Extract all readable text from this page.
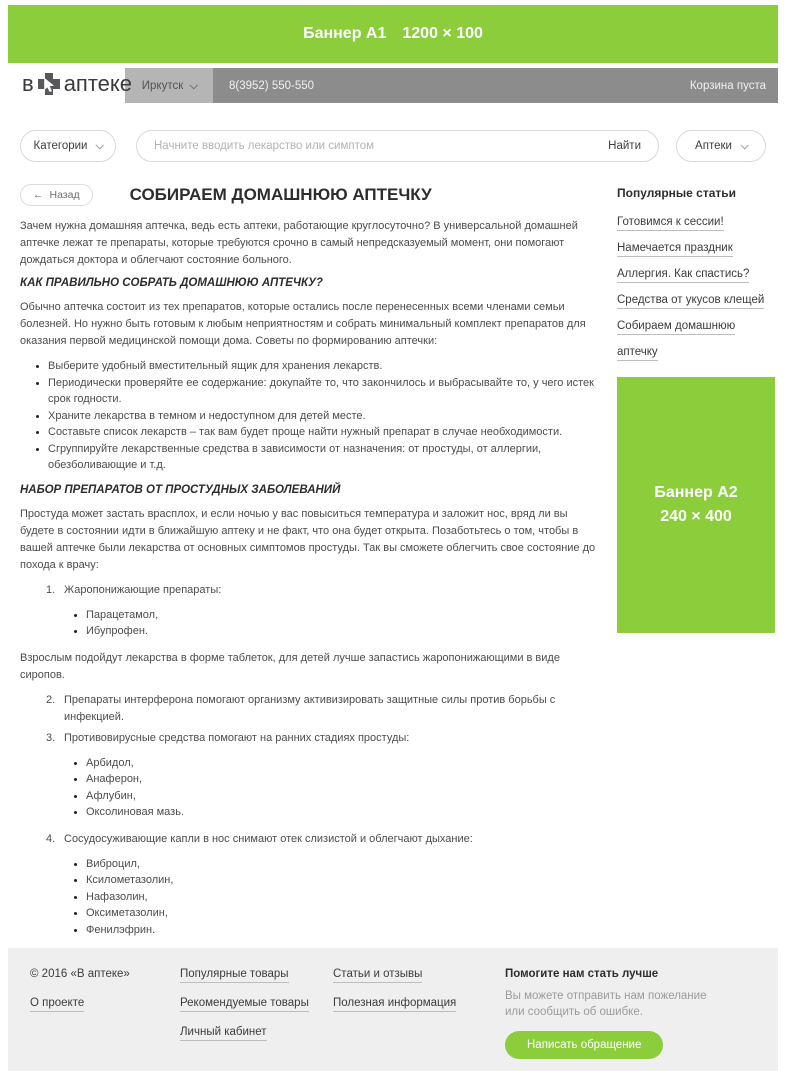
Баннер А1 1200 × 100
в аптеке Иркутск	8(3952) 550-550	Корзина пуста
Категории
Начните вводить лекарство или симптом	Найти	Аптеки
← Назад	СОБИРАЕМ ДОМАШНЮЮ АПТЕЧКУ

Зачем нужна домашняя аптечка, ведь есть аптеки, работающие круглосуточно? В универсальной домашней аптечке лежат те препараты, которые требуются срочно в самый непредсказуемый момент, они помогают дождаться доктора и облегчают состояние больного.

КАК ПРАВИЛЬНО СОБРАТЬ ДОМАШНЮЮ АПТЕЧКУ?

Обычно аптечка состоит из тех препаратов, которые остались после перенесенных всеми членами семьи болезней. Но нужно быть готовым к любым неприятностям и собрать минимальный комплект препаратов для оказания первой медицинской помощи дома. Советы по формированию аптечки:

• Выберите удобный вместительный ящик для хранения лекарств.
• Периодически проверяйте ее содержание: докупайте то, что закончилось и выбрасывайте то, у чего истек срок годности.
• Храните лекарства в темном и недоступном для детей месте.
• Составьте список лекарств – так вам будет проще найти нужный препарат в случае необходимости.
• Сгруппируйте лекарственные средства в зависимости от назначения: от простуды, от аллергии, обезболивающие и т.д.
НАБОР ПРЕПАРАТОВ ОТ ПРОСТУДНЫХ ЗАБОЛЕВАНИЙ

Простуда может застать врасплох, и если ночью у вас повыситься температура и заложит нос, вряд ли вы будете в состоянии идти в ближайшую аптеку и не факт, что она будет открыта. Позаботьтесь о том, чтобы в вашей аптечке были лекарства от основных симптомов простуды. Так вы сможете облегчить свое состояние до похода к врачу:

1. Жаропонижающие препараты:
• Парацетамол,
• Ибупрофен.

Взрослым подойдут лекарства в форме таблеток, для детей лучше запастись жаропонижающими в виде сиропов.

2. Препараты интерферона помогают организму активизировать защитные силы против борьбы с инфекцией.
3. Противовирусные средства помогают на ранних стадиях простуды:
• Арбидол,
• Анаферон,
• Афлубин,
• Оксолиновая мазь.
4. Сосудосуживающие капли в нос снимают отек слизистой и облегчают дыхание:
• Виброцил,
• Ксилометазолин,
• Нафазолин,
• Оксиметазолин,
• Фенилэфрин.
Популярные статьи
Готовимся к сессии!
Намечается праздник
Аллергия. Как спастись?
Средства от укусов клещей
Собираем домашнюю аптечку
Баннер А2
240 × 400
© 2016 «В аптеке»
О проекте
Популярные товары
Рекомендуемые товары
Личный кабинет
Статьи и отзывы
Полезная информация
Помогите нам стать лучше
Вы можете отправить нам пожелание или сообщить об ошибке.
Написать обращение
